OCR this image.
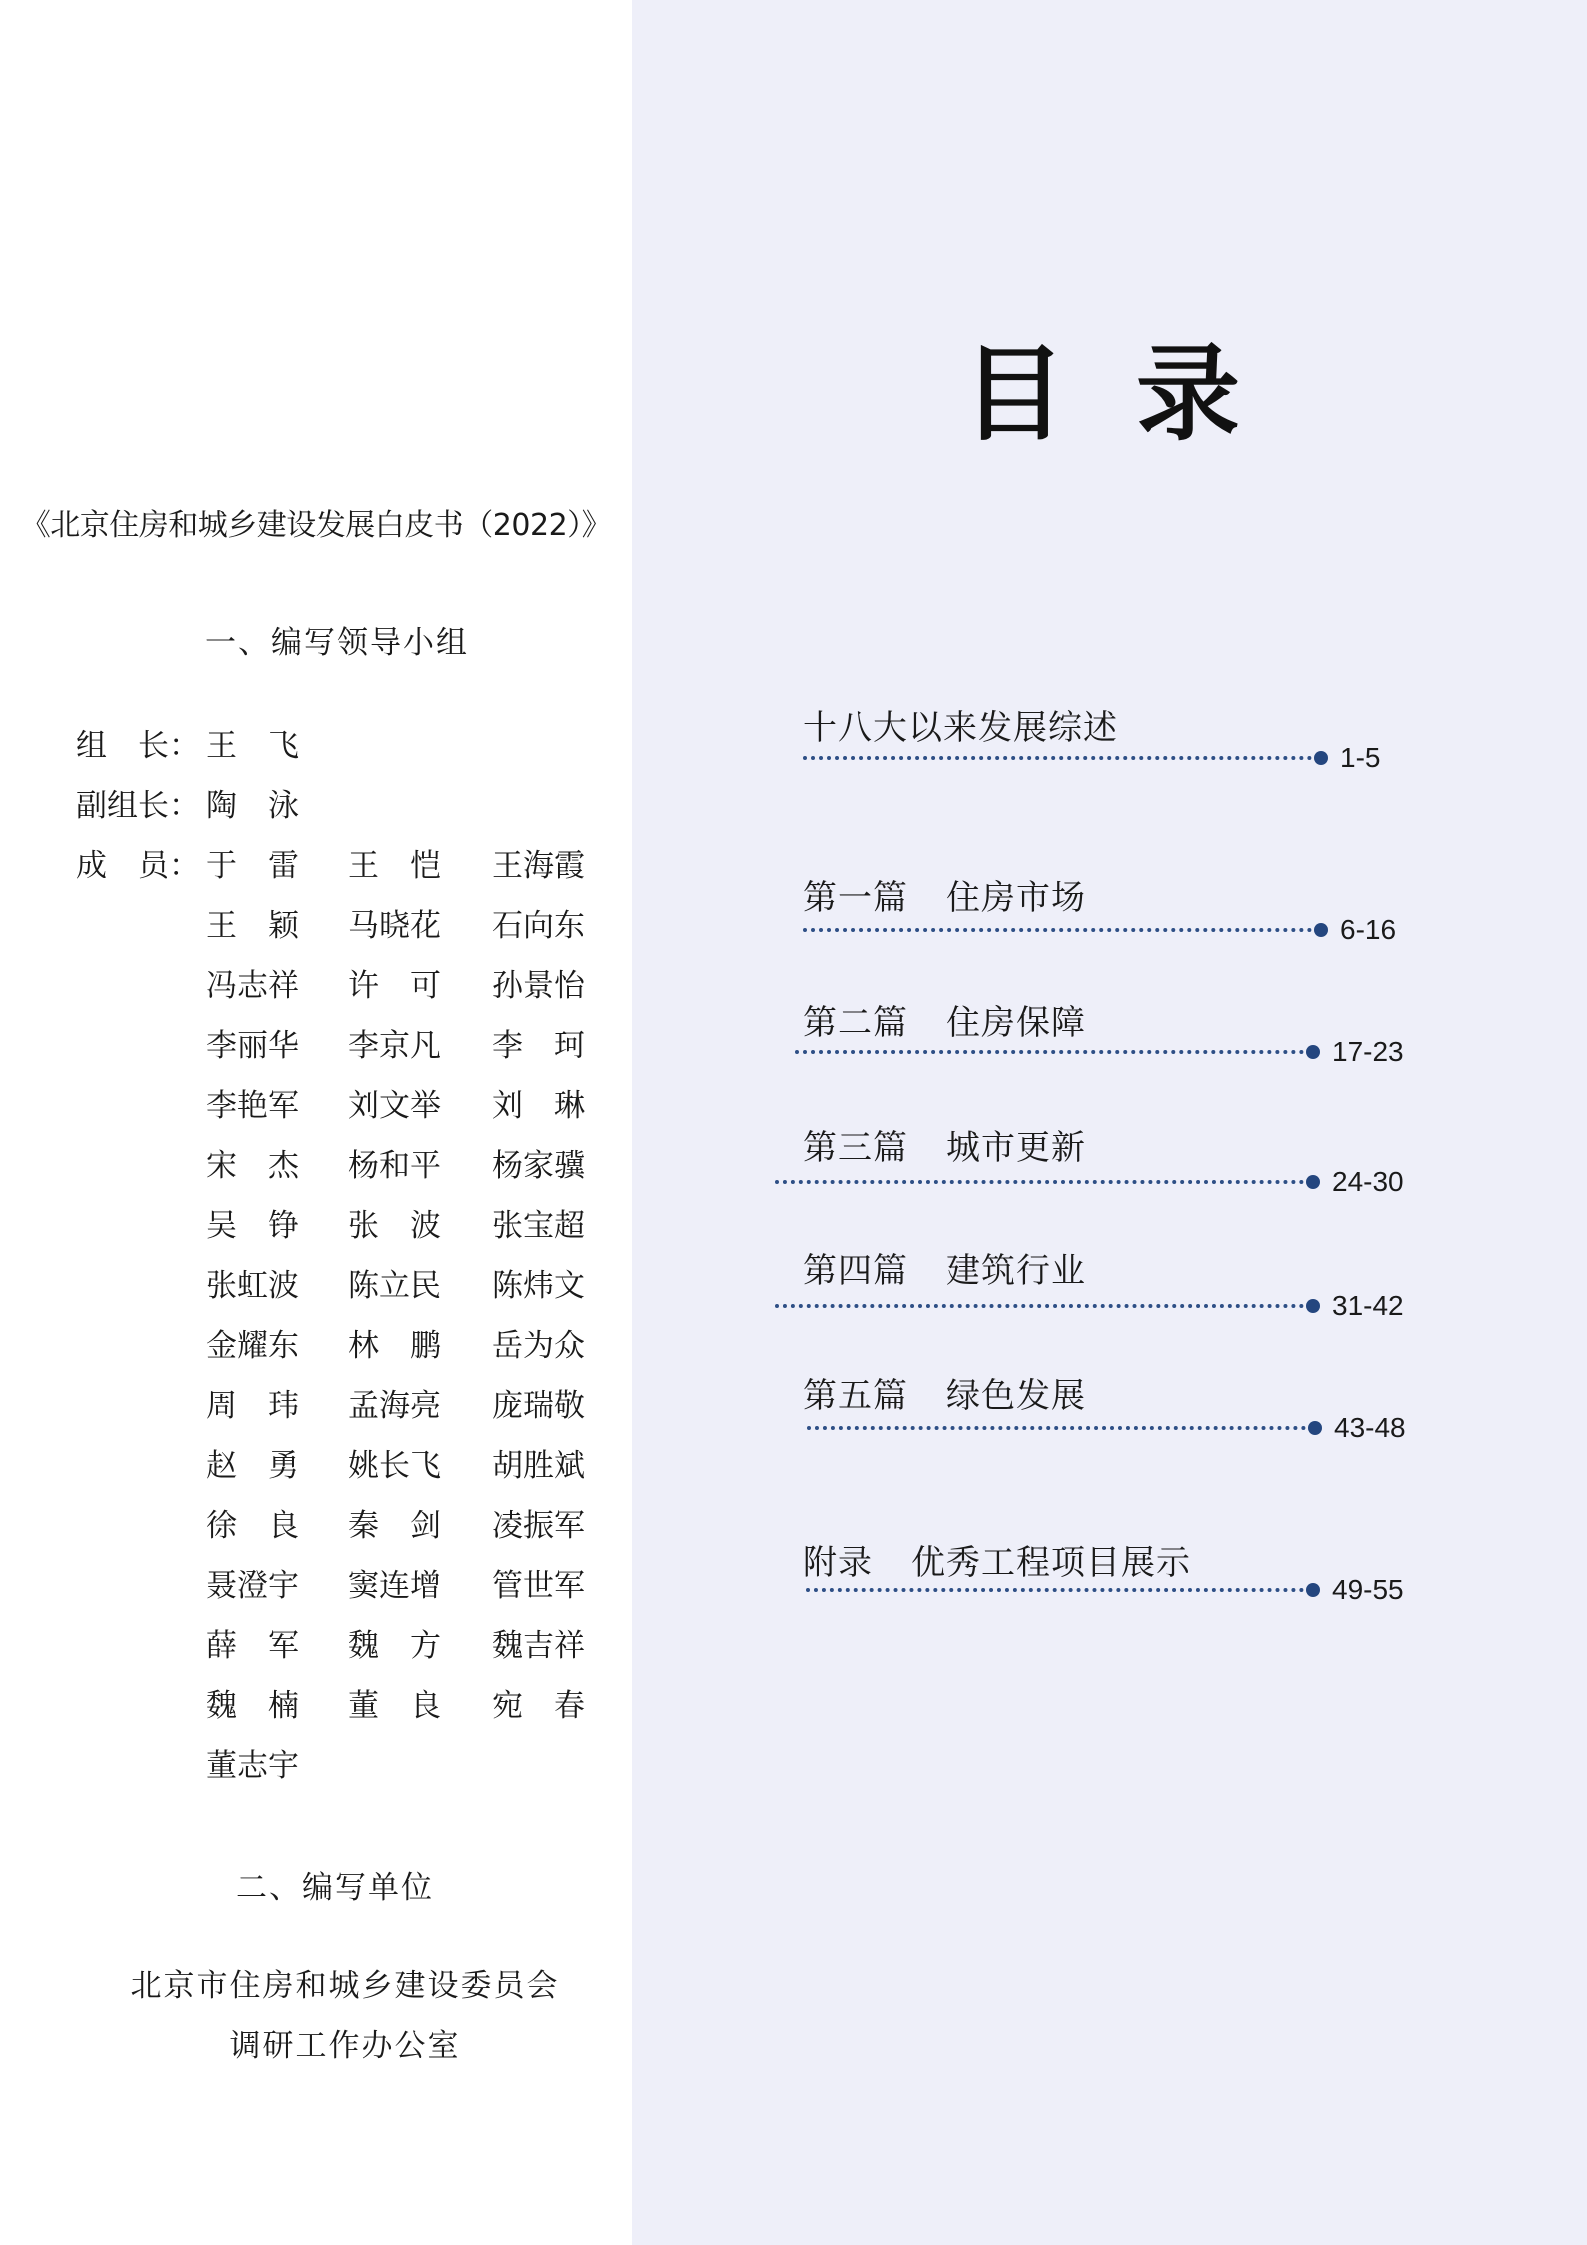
《北京住房和城乡建设发展白皮书（2022）》
一、编写领导小组
组　长： 王　飞
副组长： 陶　泳
成　员： 于　雷 王　恺 王海霞
王　颖 马晓花 石向东
冯志祥 许　可 孙景怡
李丽华 李京凡 李　珂
李艳军 刘文举 刘　琳
宋　杰 杨和平 杨家骥
吴　铮 张　波 张宝超
张虹波 陈立民 陈炜文
金耀东 林　鹏 岳为众
周　玮 孟海亮 庞瑞敬
赵　勇 姚长飞 胡胜斌
徐　良 秦　剑 凌振军
聂澄宇 窦连增 管世军
薛　军 魏　方 魏吉祥
魏　楠 董　良 宛　春
董志宇
二、编写单位
北京市住房和城乡建设委员会
调研工作办公室
目录
十八大以来发展综述
1-5
第一篇 住房市场
6-16
第二篇 住房保障
17-23
第三篇 城市更新
24-30
第四篇 建筑行业
31-42
第五篇 绿色发展
43-48
附录 优秀工程项目展示
49-55
